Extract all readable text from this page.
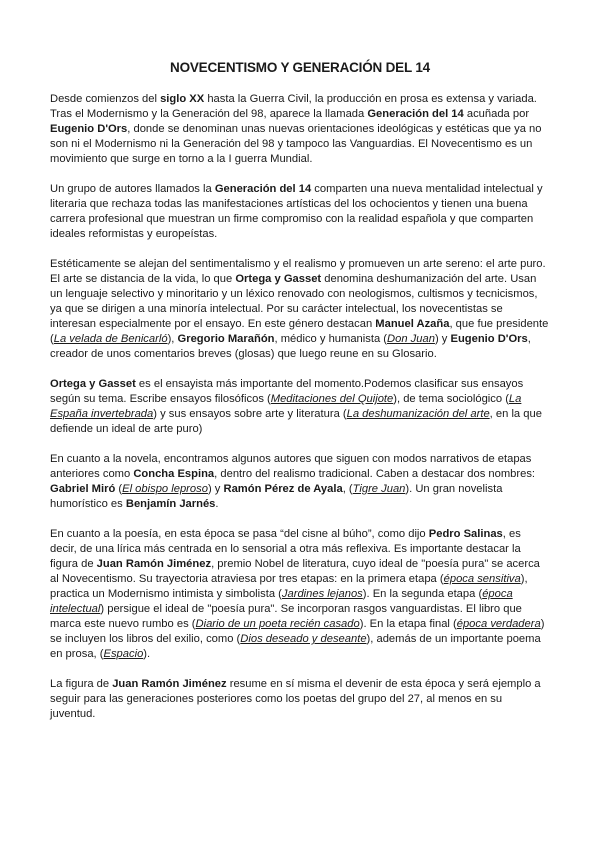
NOVECENTISMO Y GENERACIÓN DEL 14

Desde comienzos del siglo XX hasta la Guerra Civil, la producción en prosa es extensa y variada. Tras el Modernismo y la Generación del 98, aparece la llamada Generación del 14 acuñada por Eugenio D'Ors, donde se denominan unas nuevas orientaciones ideológicas y estéticas que ya no son ni el Modernismo ni la Generación del 98 y tampoco las Vanguardias. El Novecentismo es un movimiento que surge en torno a la I guerra Mundial.

Un grupo de autores llamados la Generación del 14 comparten una nueva mentalidad intelectual y literaria que rechaza todas las manifestaciones artísticas del los ochocientos y tienen una buena carrera profesional que muestran un firme compromiso con la realidad española y que comparten ideales reformistas y europeístas.

Estéticamente se alejan del sentimentalismo y el realismo y promueven un arte sereno: el arte puro. El arte se distancia de la vida, lo que Ortega y Gasset denomina deshumanización del arte. Usan un lenguaje selectivo y minoritario y un léxico renovado con neologismos, cultismos y tecnicismos, ya que se dirigen a una minoría intelectual. Por su carácter intelectual, los novecentistas se interesan especialmente por el ensayo. En este género destacan Manuel Azaña, que fue presidente (La velada de Benicarló), Gregorio Marañón, médico y humanista (Don Juan) y Eugenio D'Ors, creador de unos comentarios breves (glosas) que luego reune en su Glosario.

Ortega y Gasset es el ensayista más importante del momento.Podemos clasificar sus ensayos según su tema. Escribe ensayos filosóficos (Meditaciones del Quijote), de tema sociológico (La España invertebrada) y sus ensayos sobre arte y literatura (La deshumanización del arte, en la que defiende un ideal de arte puro)

En cuanto a la novela, encontramos algunos autores que siguen con modos narrativos de etapas anteriores como Concha Espina, dentro del realismo tradicional. Caben a destacar dos nombres: Gabriel Miró (El obispo leproso) y Ramón Pérez de Ayala, (Tigre Juan). Un gran novelista humorístico es Benjamín Jarnés.

En cuanto a la poesía, en esta época se pasa “del cisne al búho”, como dijo Pedro Salinas, es decir, de una lírica más centrada en lo sensorial a otra más reflexiva. Es importante destacar la figura de Juan Ramón Jiménez, premio Nobel de literatura, cuyo ideal de "poesía pura" se acerca al Novecentismo. Su trayectoria atraviesa por tres etapas: en la primera etapa (época sensitiva), practica un Modernismo intimista y simbolista (Jardines lejanos). En la segunda etapa (época intelectual) persigue el ideal de "poesía pura". Se incorporan rasgos vanguardistas. El libro que marca este nuevo rumbo es (Diario de un poeta recién casado). En la etapa final (época verdadera) se incluyen los libros del exilio, como (Dios deseado y deseante), además de un importante poema en prosa, (Espacio).

La figura de Juan Ramón Jiménez resume en sí misma el devenir de esta época y será ejemplo a seguir para las generaciones posteriores como los poetas del grupo del 27, al menos en su juventud.
